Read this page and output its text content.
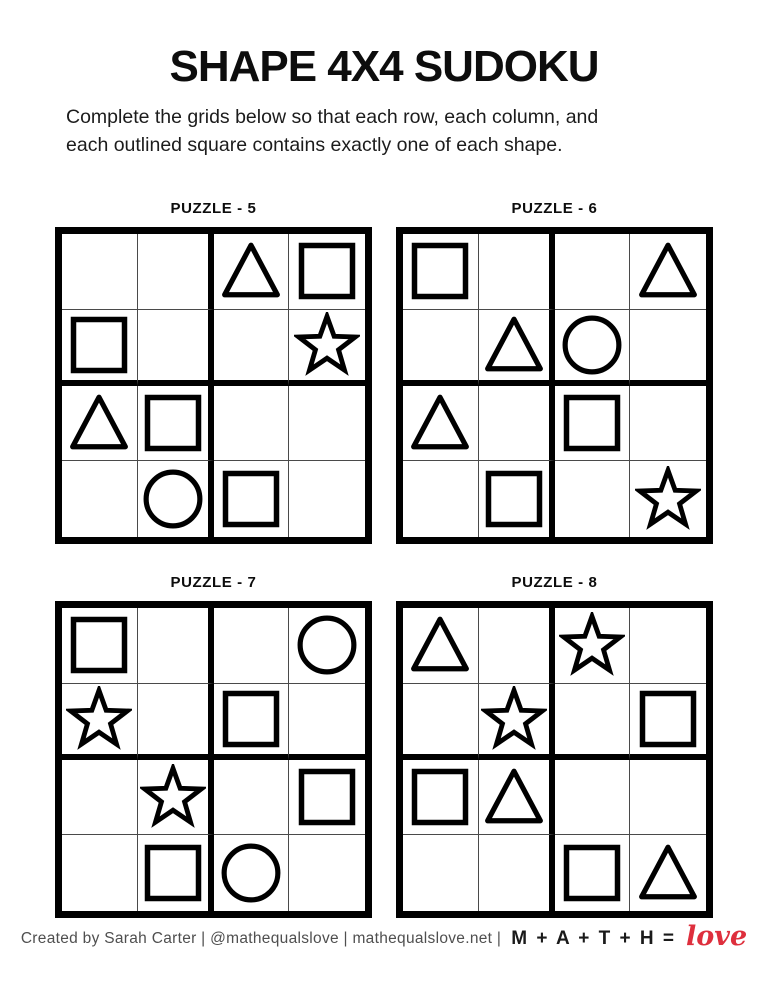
SHAPE 4X4 SUDOKU
Complete the grids below so that each row, each column, and
each outlined square contains exactly one of each shape.
PUZZLE - 5	PUZZLE - 6
PUZZLE - 7	PUZZLE - 8
Created by Sarah Carter | @mathequalslove | mathequalslove.net | M + A + T + H = love
